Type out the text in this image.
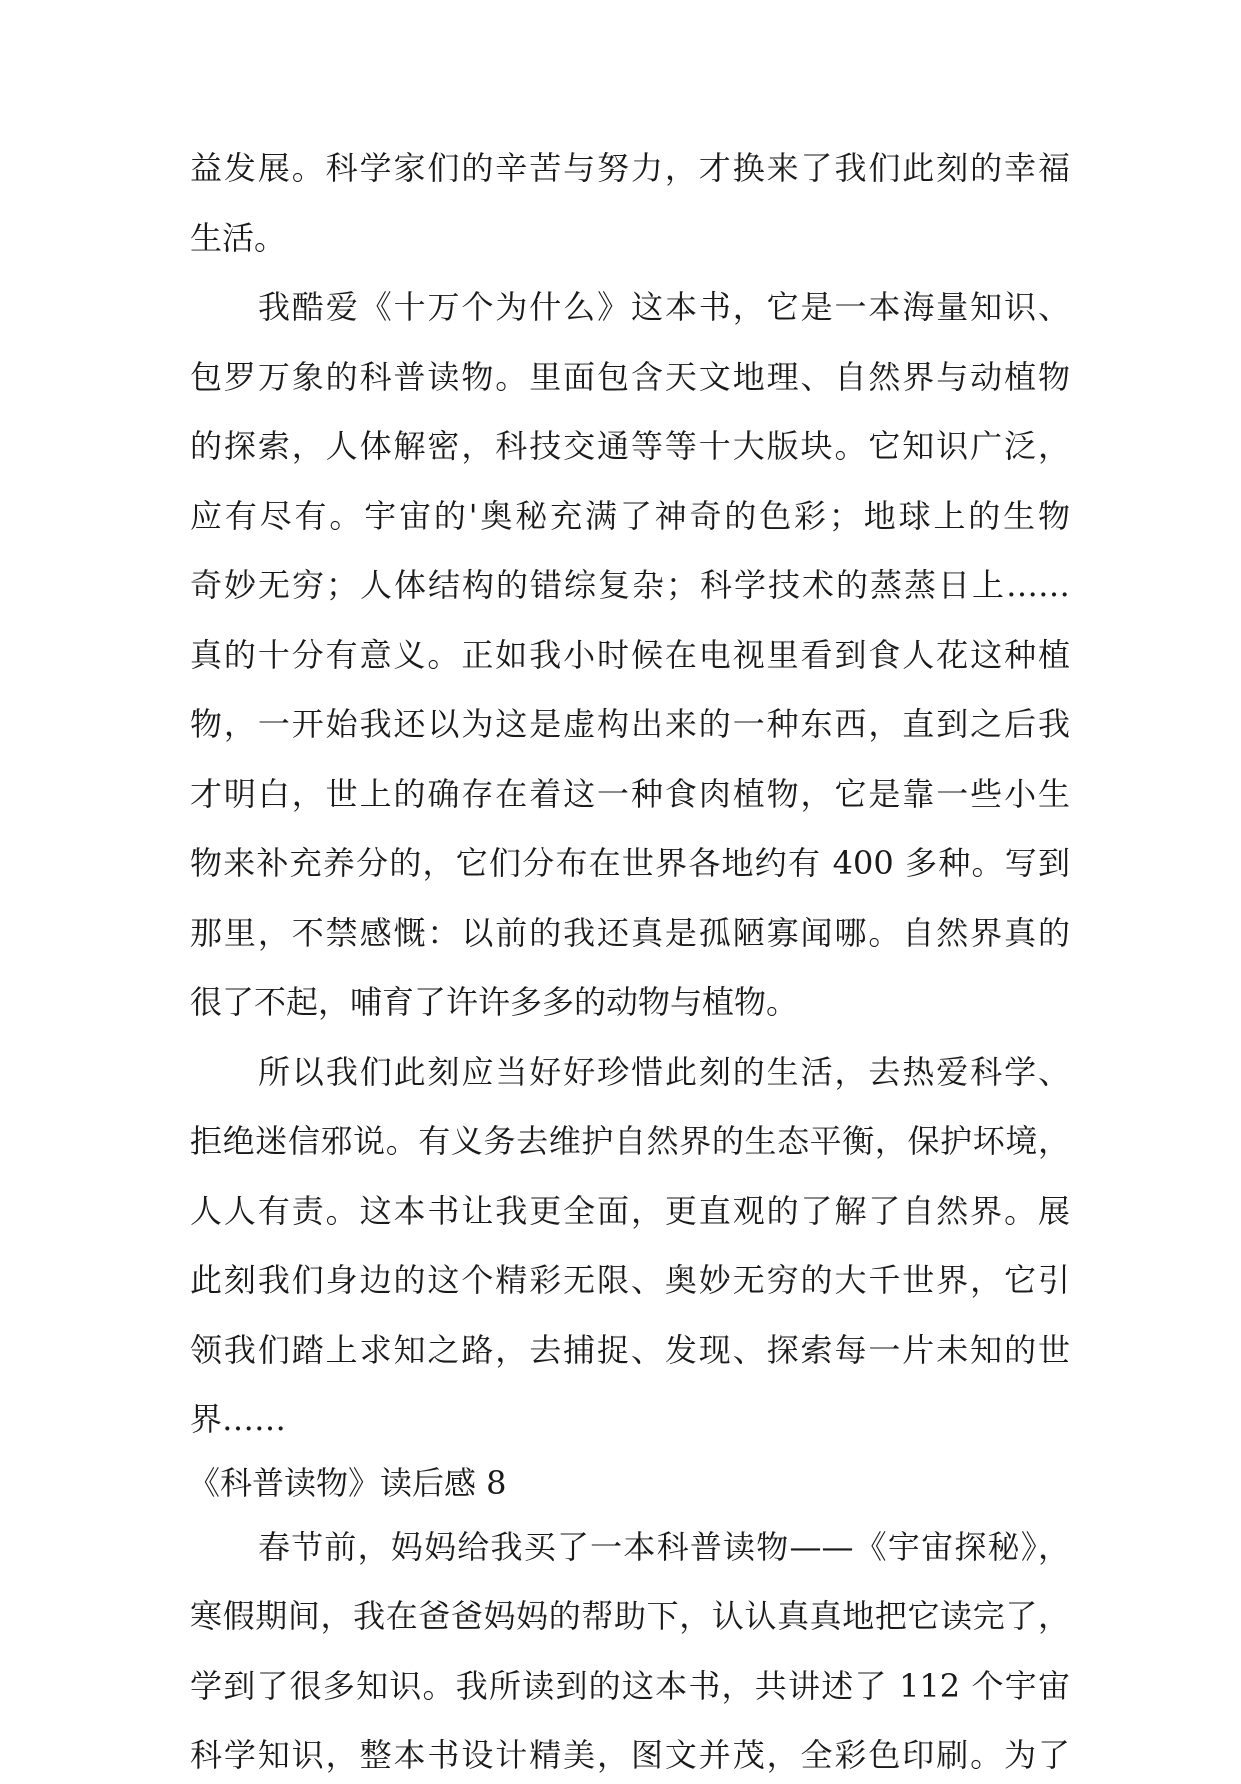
益发展。科学家们的辛苦与努力，才换来了我们此刻的幸福
生活。
我酷爱《十万个为什么》这本书，它是一本海量知识、
包罗万象的科普读物。里面包含天文地理、自然界与动植物
的探索，人体解密，科技交通等等十大版块。它知识广泛，
应有尽有。宇宙的'奥秘充满了神奇的色彩；地球上的生物
奇妙无穷；人体结构的错综复杂；科学技术的蒸蒸日上……
真的十分有意义。正如我小时候在电视里看到食人花这种植
物，一开始我还以为这是虚构出来的一种东西，直到之后我
才明白，世上的确存在着这一种食肉植物，它是靠一些小生
物来补充养分的，它们分布在世界各地约有 400 多种。写到
那里，不禁感慨：以前的我还真是孤陋寡闻哪。自然界真的
很了不起，哺育了许许多多的动物与植物。
所以我们此刻应当好好珍惜此刻的生活，去热爱科学、
拒绝迷信邪说。有义务去维护自然界的生态平衡，保护坏境，
人人有责。这本书让我更全面，更直观的了解了自然界。展
此刻我们身边的这个精彩无限、奥妙无穷的大千世界，它引
领我们踏上求知之路，去捕捉、发现、探索每一片未知的世
界……
《科普读物》读后感 8
春节前，妈妈给我买了一本科普读物——《宇宙探秘》，
寒假期间，我在爸爸妈妈的帮助下，认认真真地把它读完了，
学到了很多知识。我所读到的这本书，共讲述了 112 个宇宙
科学知识，整本书设计精美，图文并茂，全彩色印刷。为了
